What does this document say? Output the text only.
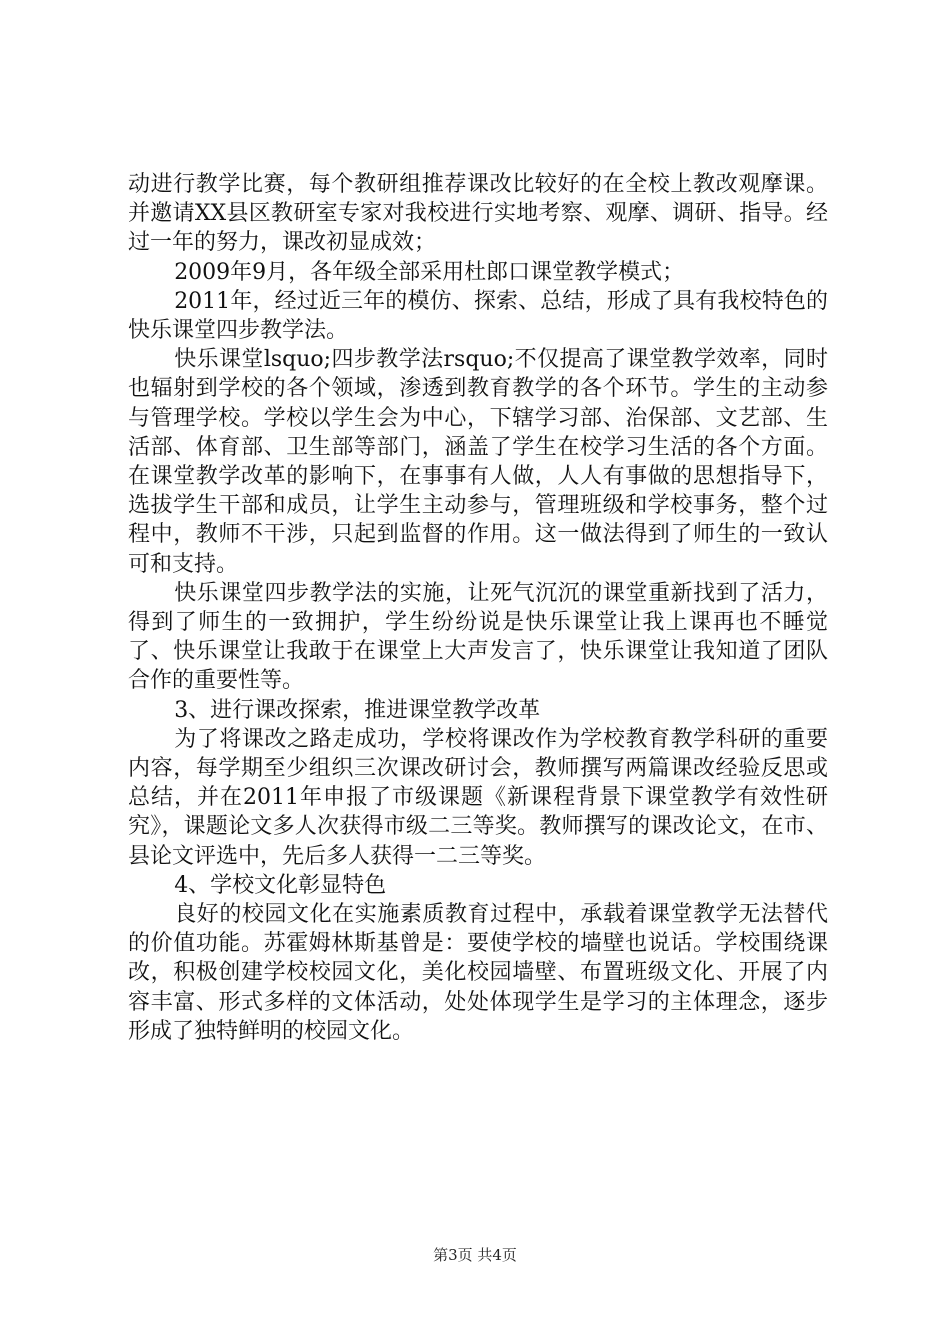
动进行教学比赛，每个教研组推荐课改比较好的在全校上教改观摩课。并邀请XX县区教研室专家对我校进行实地考察、观摩、调研、指导。经过一年的努力，课改初显成效；

2009年9月，各年级全部采用杜郎口课堂教学模式；

2011年，经过近三年的模仿、探索、总结，形成了具有我校特色的快乐课堂四步教学法。

快乐课堂lsquo;四步教学法rsquo;不仅提高了课堂教学效率，同时也辐射到学校的各个领域，渗透到教育教学的各个环节。学生的主动参与管理学校。学校以学生会为中心，下辖学习部、治保部、文艺部、生活部、体育部、卫生部等部门，涵盖了学生在校学习生活的各个方面。在课堂教学改革的影响下，在事事有人做，人人有事做的思想指导下，选拔学生干部和成员，让学生主动参与，管理班级和学校事务，整个过程中，教师不干涉，只起到监督的作用。这一做法得到了师生的一致认可和支持。

快乐课堂四步教学法的实施，让死气沉沉的课堂重新找到了活力，得到了师生的一致拥护，学生纷纷说是快乐课堂让我上课再也不睡觉了、快乐课堂让我敢于在课堂上大声发言了，快乐课堂让我知道了团队合作的重要性等。

3、进行课改探索，推进课堂教学改革

为了将课改之路走成功，学校将课改作为学校教育教学科研的重要内容，每学期至少组织三次课改研讨会，教师撰写两篇课改经验反思或总结，并在2011年申报了市级课题《新课程背景下课堂教学有效性研究》，课题论文多人次获得市级二三等奖。教师撰写的课改论文，在市、县论文评选中，先后多人获得一二三等奖。

4、学校文化彰显特色

良好的校园文化在实施素质教育过程中，承载着课堂教学无法替代的价值功能。苏霍姆林斯基曾是：要使学校的墙壁也说话。学校围绕课改，积极创建学校校园文化，美化校园墙壁、布置班级文化、开展了内容丰富、形式多样的文体活动，处处体现学生是学习的主体理念，逐步形成了独特鲜明的校园文化。

第3页 共4页
